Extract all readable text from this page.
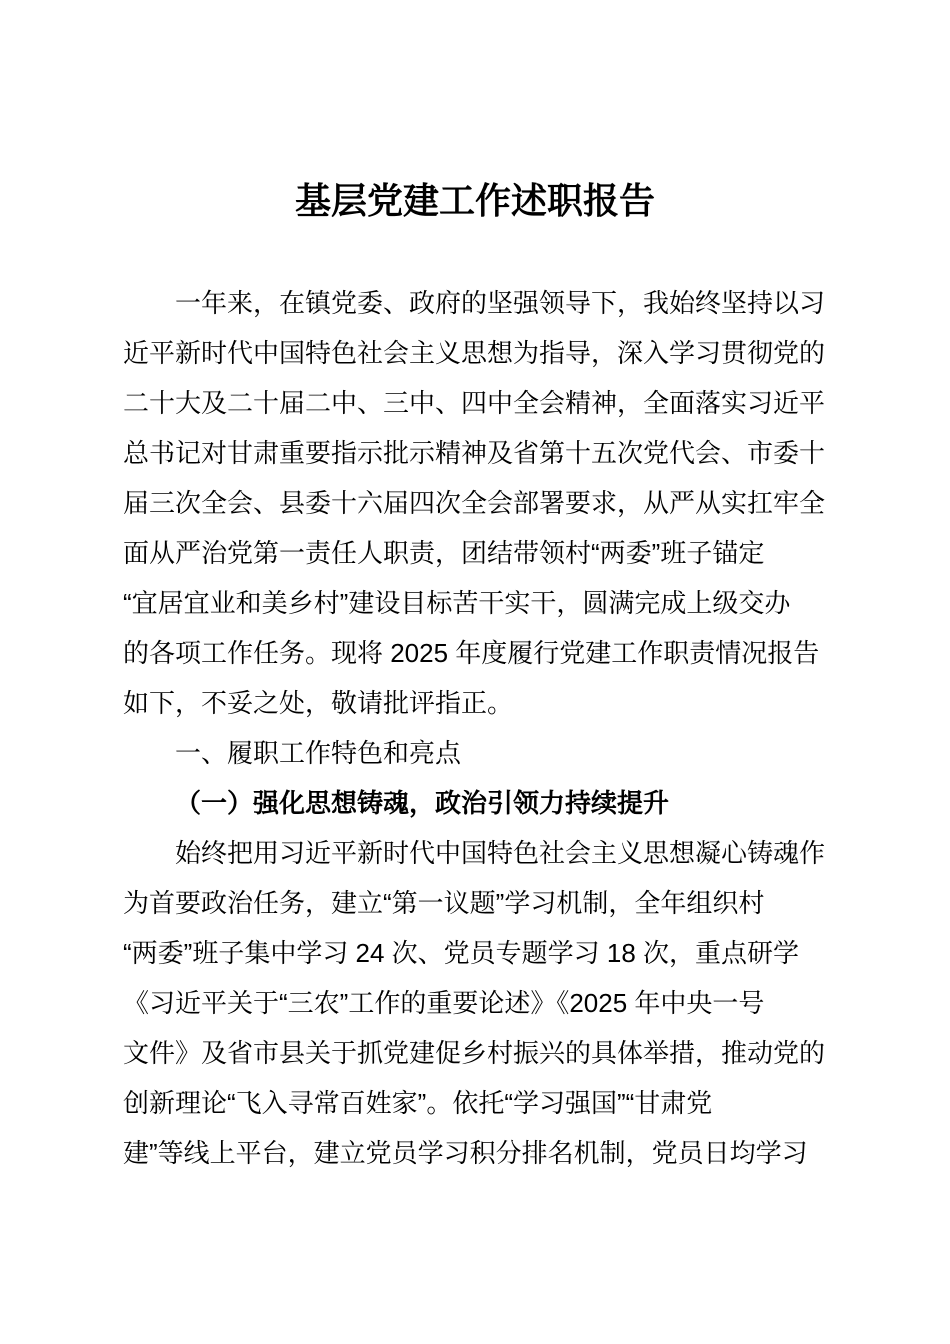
基层党建工作述职报告
一年来，在镇党委、政府的坚强领导下，我始终坚持以习
近平新时代中国特色社会主义思想为指导，深入学习贯彻党的
二十大及二十届二中、三中、四中全会精神，全面落实习近平
总书记对甘肃重要指示批示精神及省第十五次党代会、市委十
届三次全会、县委十六届四次全会部署要求，从严从实扛牢全
面从严治党第一责任人职责，团结带领村“两委”班子锚定
“宜居宜业和美乡村”建设目标苦干实干，圆满完成上级交办
的各项工作任务。现将 2025 年度履行党建工作职责情况报告
如下，不妥之处，敬请批评指正。
一、履职工作特色和亮点
（一）强化思想铸魂，政治引领力持续提升
始终把用习近平新时代中国特色社会主义思想凝心铸魂作
为首要政治任务，建立“第一议题”学习机制，全年组织村
“两委”班子集中学习 24 次、党员专题学习 18 次，重点研学
《习近平关于“三农”工作的重要论述》《2025 年中央一号
文件》及省市县关于抓党建促乡村振兴的具体举措，推动党的
创新理论“飞入寻常百姓家”。依托“学习强国”“甘肃党
建”等线上平台，建立党员学习积分排名机制，党员日均学习
